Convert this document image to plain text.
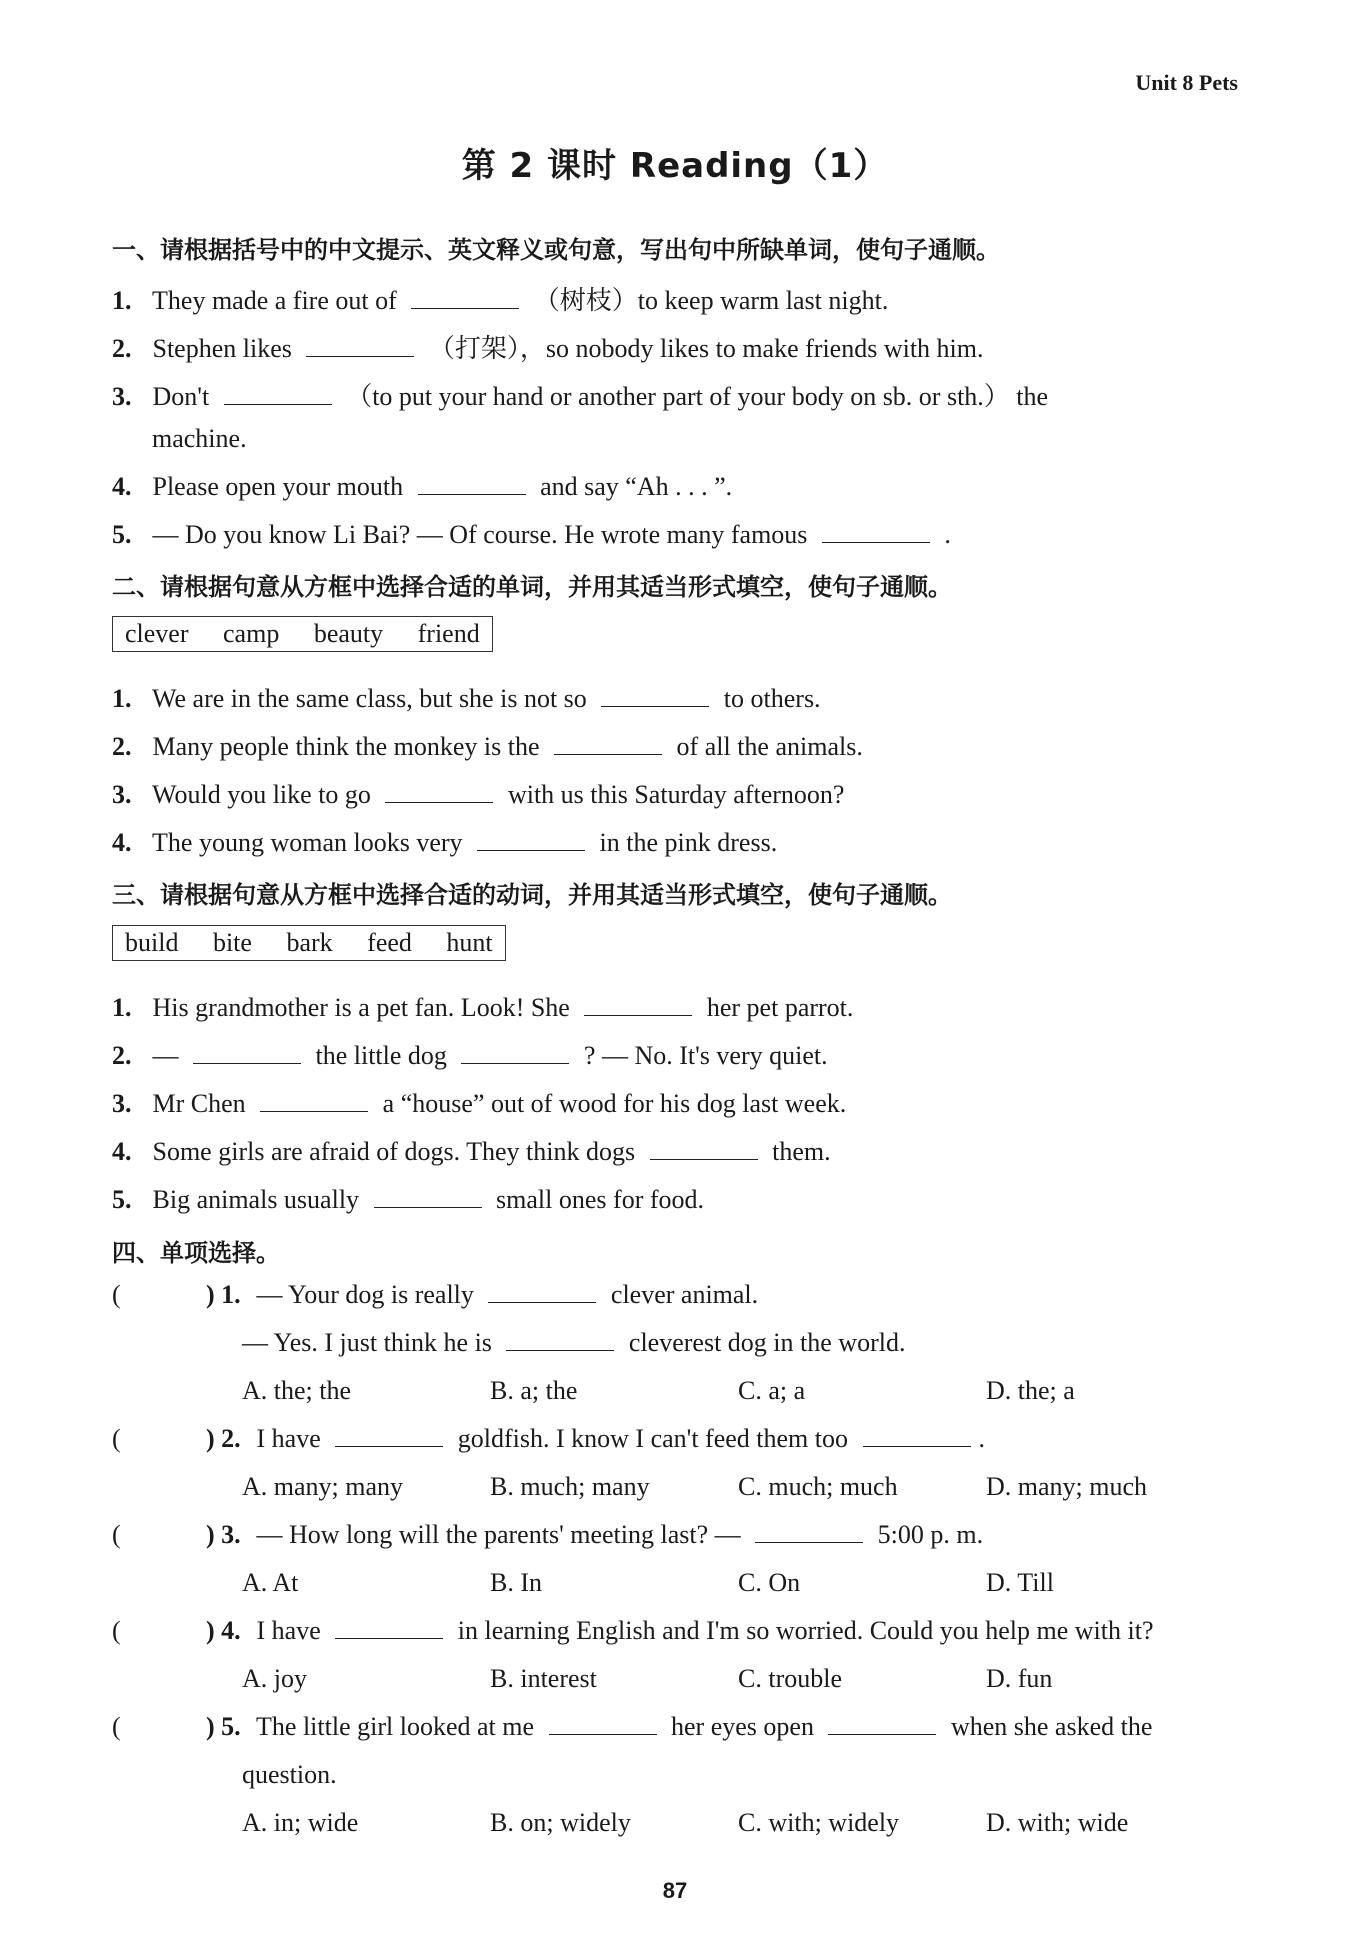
Unit 8 Pets
第 2 课时 Reading（1）
一、请根据括号中的中文提示、英文释义或句意，写出句中所缺单词，使句子通顺。
1. They made a fire out of	（树枝）to keep warm last night.
2. Stephen likes	（打架），so nobody likes to make friends with him.
3. Don't	（to put your hand or another part of your body on sb. or sth.） the
machine.
4. Please open your mouth	and say “Ah . . . ”.
5. — Do you know Li Bai? — Of course. He wrote many famous	.
二、请根据句意从方框中选择合适的单词，并用其适当形式填空，使句子通顺。
clever camp beauty friend
1. We are in the same class, but she is not so	to others.
2. Many people think the monkey is the	of all the animals.
3. Would you like to go	with us this Saturday afternoon?
4. The young woman looks very	in the pink dress.
三、请根据句意从方框中选择合适的动词，并用其适当形式填空，使句子通顺。
build bite bark feed hunt
1. His grandmother is a pet fan. Look! She	her pet parrot.
2. —	the little dog	? — No. It's very quiet.
3. Mr Chen	a “house” out of wood for his dog last week.
4. Some girls are afraid of dogs. They think dogs	them.
5. Big animals usually	small ones for food.
四、单项选择。
(	) 1. — Your dog is really	clever animal.
— Yes. I just think he is	cleverest dog in the world.
A. the; the	B. a; the	C. a; a	D. the; a
(	) 2. I have	goldfish. I know I can't feed them too	.
A. many; many	B. much; many	C. much; much	D. many; much
(	) 3. — How long will the parents' meeting last? —	5:00 p. m.
A. At	B. In	C. On	D. Till
(	) 4. I have	in learning English and I'm so worried. Could you help me with it?
A. joy	B. interest	C. trouble	D. fun
(	) 5. The little girl looked at me	her eyes open	when she asked the
question.
A. in; wide	B. on; widely	C. with; widely	D. with; wide
87
